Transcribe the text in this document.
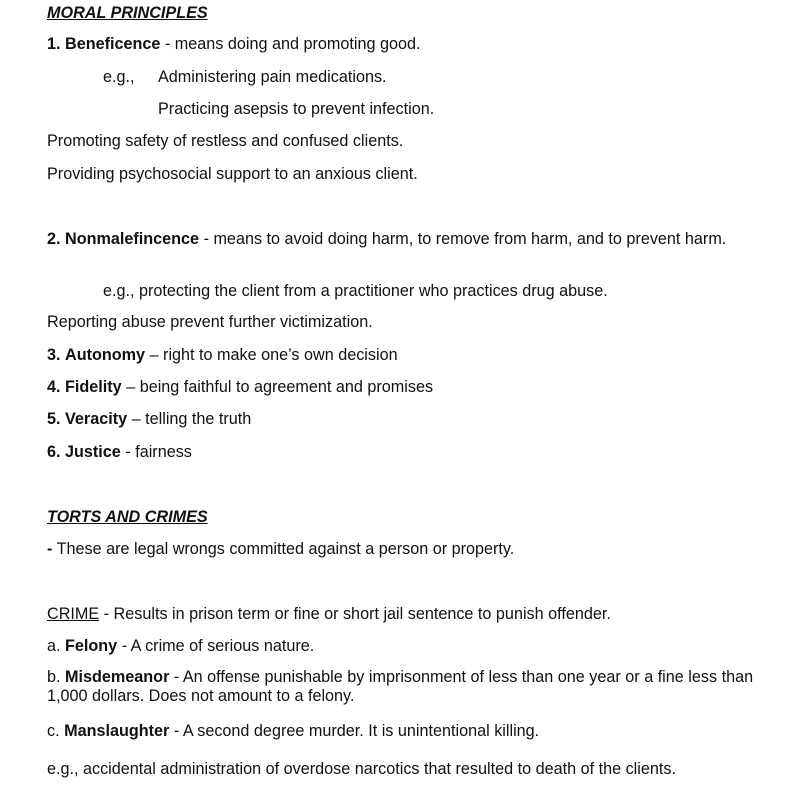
MORAL PRINCIPLES
1. Beneficence - means doing and promoting good.
e.g., Administering pain medications.
Practicing asepsis to prevent infection.
Promoting safety of restless and confused clients.
Providing psychosocial support to an anxious client.
2. Nonmalefincence - means to avoid doing harm, to remove from harm, and to prevent harm.
e.g., protecting the client from a practitioner who practices drug abuse.
Reporting abuse prevent further victimization.
3. Autonomy – right to make one’s own decision
4. Fidelity – being faithful to agreement and promises
5. Veracity – telling the truth
6. Justice - fairness
TORTS AND CRIMES
- These are legal wrongs committed against a person or property.
CRIME - Results in prison term or fine or short jail sentence to punish offender.
a. Felony - A crime of serious nature.
b. Misdemeanor - An offense punishable by imprisonment of less than one year or a fine less than 1,000 dollars. Does not amount to a felony.
c. Manslaughter - A second degree murder. It is unintentional killing.
e.g., accidental administration of overdose narcotics that resulted to death of the clients.
